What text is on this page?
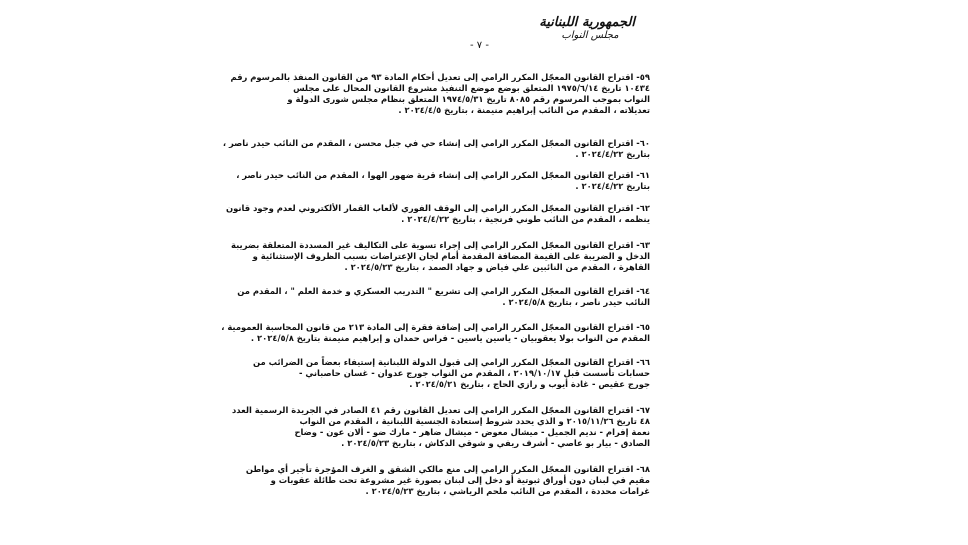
الجمهورية اللبنانية
مجلس النواب
- ٧ -
٥٩- اقتراح القانون المعجّل المكرر الرامي إلى تعديل أحكام المادة ٩٣ من القانون المنفذ بالمرسوم رقم
١٠٤٣٤ تاريخ ١٩٧٥/٦/١٤ المتعلق بوضع موضع التنفيذ مشروع القانون المحال على مجلس
النواب بموجب المرسوم رقم ٨٠٨٥ تاريخ ١٩٧٤/٥/٣١ المتعلق بنظام مجلس شورى الدولة و
تعديلاته ، المقدم من النائب إبراهيم منيمنة ، بتاريخ ٢٠٢٤/٤/٥ .
٦٠- اقتراح القانون المعجّل المكرر الرامي إلى إنشاء حي في جبل محسن ، المقدم من النائب حيدر ناصر ،
بتاريخ ٢٠٢٤/٤/٢٢ .
٦١- اقتراح القانون المعجّل المكرر الرامي إلى إنشاء قرية ضهور الهوا ، المقدم من النائب حيدر ناصر ،
بتاريخ ٢٠٢٤/٤/٢٢ .
٦٢- اقتراح القانون المعجّل المكرر الرامي إلى الوقف الفوري لألعاب القمار الألكتروني لعدم وجود قانون
ينظمه ، المقدم من النائب طوني فرنجية ، بتاريخ ٢٠٢٤/٤/٢٢ .
٦٣- اقتراح القانون المعجّل المكرر الرامي إلى إجراء تسوية على التكاليف غير المسددة المتعلقة بضريبة
الدخل و الضريبة على القيمة المضافة المقدمة أمام لجان الإعتراضات بسبب الظروف الإستثنائية و
القاهرة ، المقدم من النائبين علي فياض و جهاد الصمد ، بتاريخ ٢٠٢٤/٥/٢٣ .
٦٤- اقتراح القانون المعجّل المكرر الرامي إلى تشريع " التدريب العسكري و خدمة العلم " ، المقدم من
النائب حيدر ناصر ، بتاريخ ٢٠٢٤/٥/٨ .
٦٥- اقتراح القانون المعجّل المكرر الرامي إلى إضافة فقرة إلى المادة ٢١٣ من قانون المحاسبة العمومية ،
المقدم من النواب بولا يعقوبيان - ياسين ياسين - فراس حمدان و إبراهيم منيمنة بتاريخ ٢٠٢٤/٥/٨ .
٦٦- اقتراح القانون المعجّل المكرر الرامي إلى قبول الدولة اللبنانية إستيفاء بعضاً من الضرائب من
حسابات تأسست قبل ٢٠١٩/١٠/١٧ ، المقدم من النواب جورج عدوان - غسان حاصباني -
جورج عقيص - غادة أيوب و رازي الحاج ، بتاريخ ٢٠٢٤/٥/٢١ .
٦٧- اقتراح القانون المعجّل المكرر الرامي إلى تعديل القانون رقم ٤١ الصادر في الجريدة الرسمية العدد
٤٨ تاريخ ٢٠١٥/١١/٢٦ و الذي يحدد شروط إستعادة الجنسية اللبنانية ، المقدم من النواب
نعمة إفرام - نديم الجميل - ميشال معوض - ميشال ضاهر - مارك ضو - ألان عون - وضاح
الصادق - بيار بو عاصي - أشرف ريفي و شوقي الدكاش ، بتاريخ ٢٠٢٤/٥/٢٣ .
٦٨- اقتراح القانون المعجّل المكرر الرامي إلى منع مالكي الشقق و الغرف المؤجرة تأجير أي مواطن
مقيم في لبنان دون أوراق ثبوتية أو دخل إلى لبنان بصورة غير مشروعة تحت طائلة عقوبات و
غرامات محددة ، المقدم من النائب ملحم الرياشي ، بتاريخ ٢٠٢٤/٥/٢٣ .
